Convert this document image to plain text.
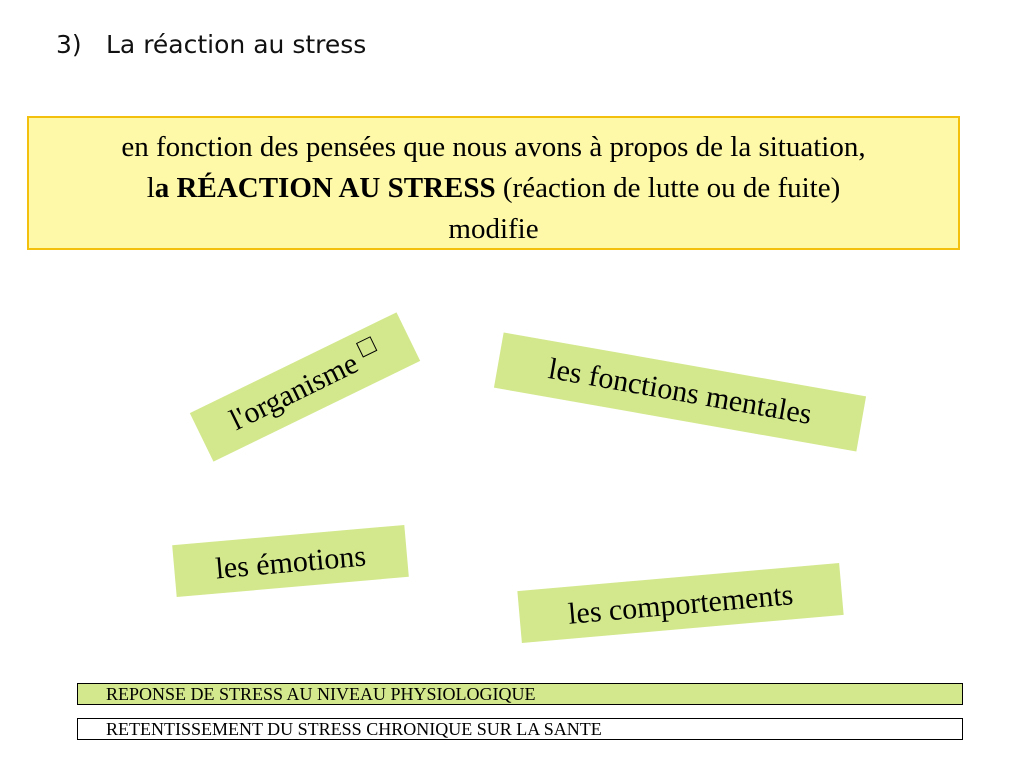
3) La réaction au stress
en fonction des pensées que nous avons à propos de la situation,
la RÉACTION AU STRESS (réaction de lutte ou de fuite)
modifie
l'organisme	les fonctions mentales
les émotions
les comportements
REPONSE DE STRESS AU NIVEAU PHYSIOLOGIQUE
RETENTISSEMENT DU STRESS CHRONIQUE SUR LA SANTE
